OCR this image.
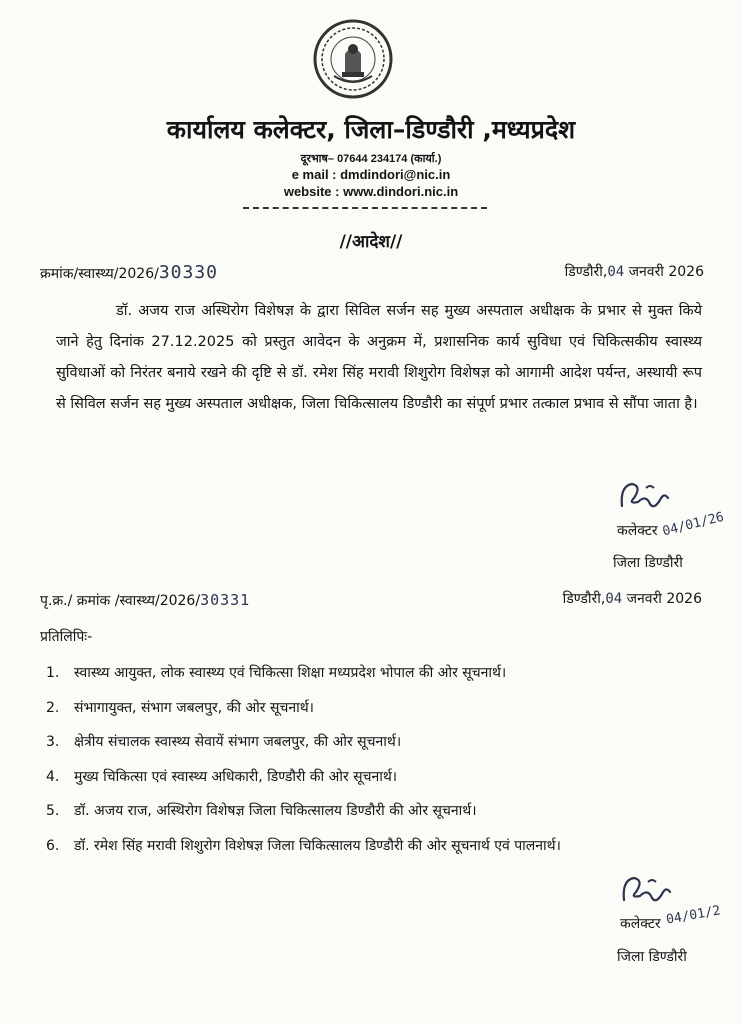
कार्यालय कलेक्टर, जिला–डिण्डौरी ,मध्यप्रदेश
दूरभाष– 07644 234174 (कार्या.)
e mail : dmdindori@nic.in
website : www.dindori.nic.in
//आदेश//
क्रमांक/स्वास्थ्य/2026/30330	डिण्डौरी,04 जनवरी 2026
डॉ. अजय राज अस्थिरोग विशेषज्ञ के द्वारा सिविल सर्जन सह मुख्य अस्पताल अधीक्षक के प्रभार से मुक्त किये जाने हेतु दिनांक 27.12.2025 को प्रस्तुत आवेदन के अनुक्रम में, प्रशासनिक कार्य सुविधा एवं चिकित्सकीय स्वास्थ्य सुविधाओं को निरंतर बनाये रखने की दृष्टि से डॉ. रमेश सिंह मरावी शिशुरोग विशेषज्ञ को आगामी आदेश पर्यन्त, अस्थायी रूप से सिविल सर्जन सह मुख्य अस्पताल अधीक्षक, जिला चिकित्सालय डिण्डौरी का संपूर्ण प्रभार तत्काल प्रभाव से सौंपा जाता है।
कलेक्टर 04/01/26
जिला डिण्डौरी
पृ.क्र./ क्रमांक /स्वास्थ्य/2026/30331	डिण्डौरी,04 जनवरी 2026
प्रतिलिपिः-
1. स्वास्थ्य आयुक्त, लोक स्वास्थ्य एवं चिकित्सा शिक्षा मध्यप्रदेश भोपाल की ओर सूचनार्थ।
2. संभागायुक्त, संभाग जबलपुर, की ओर सूचनार्थ।
3. क्षेत्रीय संचालक स्वास्थ्य सेवायें संभाग जबलपुर, की ओर सूचनार्थ।
4. मुख्य चिकित्सा एवं स्वास्थ्य अधिकारी, डिण्डौरी की ओर सूचनार्थ।
5. डॉ. अजय राज, अस्थिरोग विशेषज्ञ जिला चिकित्सालय डिण्डौरी की ओर सूचनार्थ।
6. डॉ. रमेश सिंह मरावी शिशुरोग विशेषज्ञ जिला चिकित्सालय डिण्डौरी की ओर सूचनार्थ एवं पालनार्थ।
कलेक्टर 04/01/2
जिला डिण्डौरी
